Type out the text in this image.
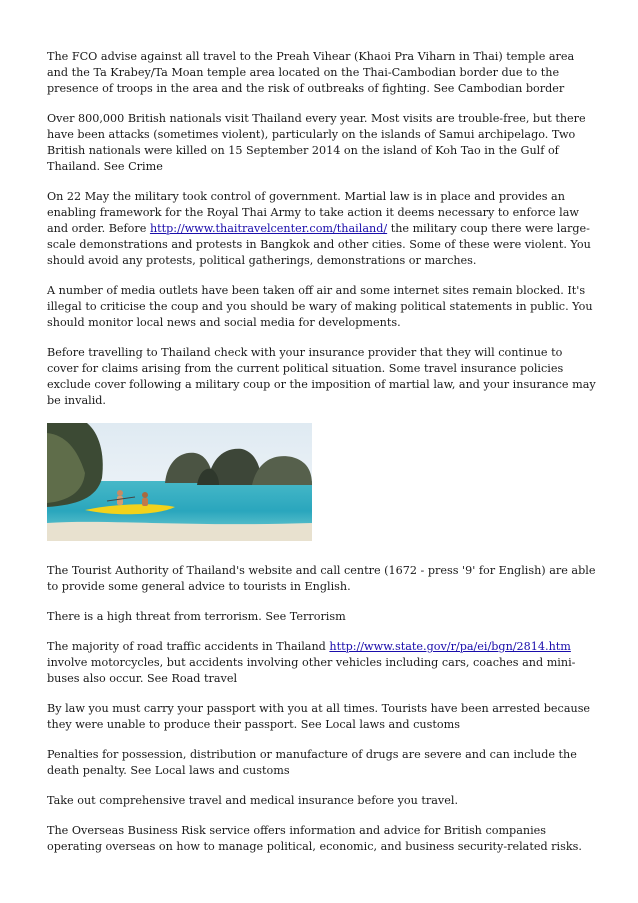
The FCO advise against all travel to the Preah Vihear (Khaoi Pra Viharn in Thai) temple area and the Ta Krabey/Ta Moan temple area located on the Thai-Cambodian border due to the presence of troops in the area and the risk of outbreaks of fighting. See Cambodian border

Over 800,000 British nationals visit Thailand every year. Most visits are trouble-free, but there have been attacks (sometimes violent), particularly on the islands of Samui archipelago. Two British nationals were killed on 15 September 2014 on the island of Koh Tao in the Gulf of Thailand. See Crime

On 22 May the military took control of government. Martial law is in place and provides an enabling framework for the Royal Thai Army to take action it deems necessary to enforce law and order. Before http://www.thaitravelcenter.com/thailand/ the military coup there were large-scale demonstrations and protests in Bangkok and other cities. Some of these were violent. You should avoid any protests, political gatherings, demonstrations or marches.

A number of media outlets have been taken off air and some internet sites remain blocked. It's illegal to criticise the coup and you should be wary of making political statements in public. You should monitor local news and social media for developments.

Before travelling to Thailand check with your insurance provider that they will continue to cover for claims arising from the current political situation. Some travel insurance policies exclude cover following a military coup or the imposition of martial law, and your insurance may be invalid.

The Tourist Authority of Thailand's website and call centre (1672 - press '9' for English) are able to provide some general advice to tourists in English.

There is a high threat from terrorism. See Terrorism

The majority of road traffic accidents in Thailand http://www.state.gov/r/pa/ei/bgn/2814.htm involve motorcycles, but accidents involving other vehicles including cars, coaches and mini-buses also occur. See Road travel

By law you must carry your passport with you at all times. Tourists have been arrested because they were unable to produce their passport. See Local laws and customs

Penalties for possession, distribution or manufacture of drugs are severe and can include the death penalty. See Local laws and customs

Take out comprehensive travel and medical insurance before you travel.

The Overseas Business Risk service offers information and advice for British companies operating overseas on how to manage political, economic, and business security-related risks.
